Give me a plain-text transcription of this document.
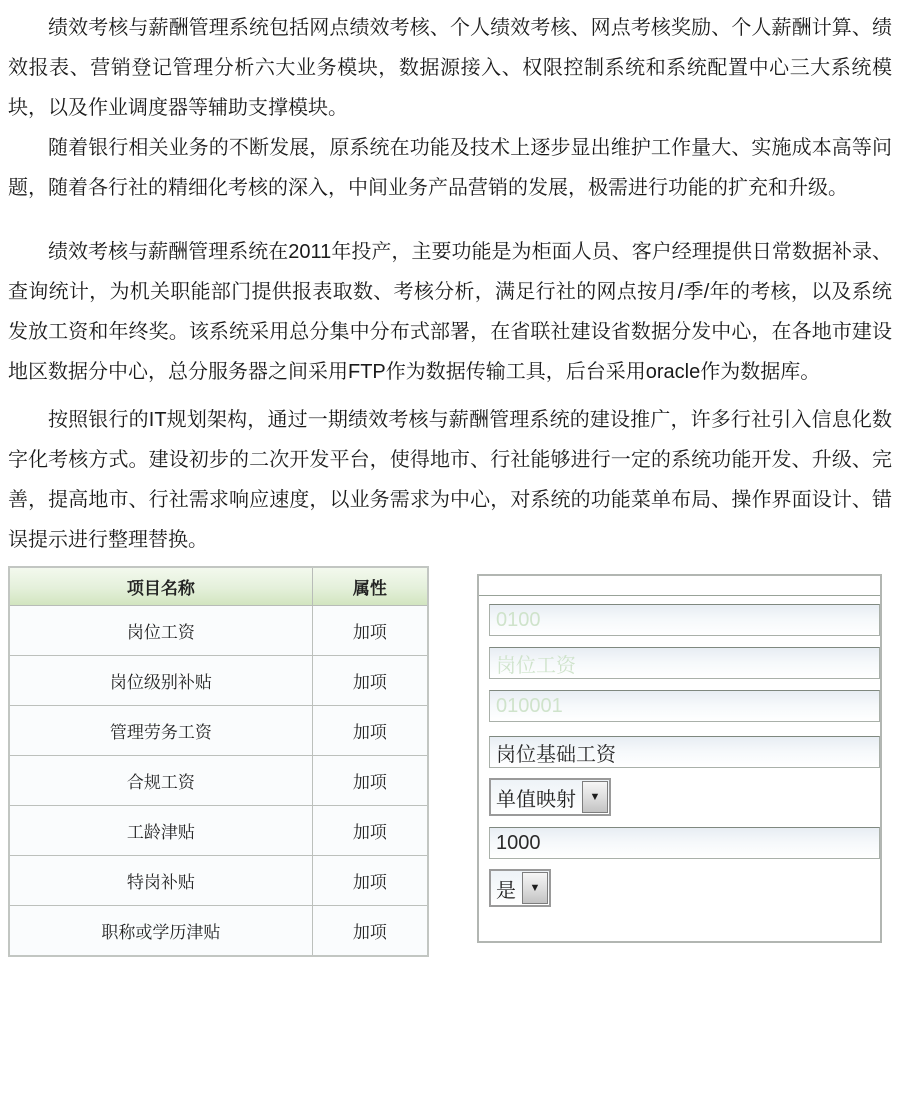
绩效考核与薪酬管理系统包括网点绩效考核、个人绩效考核、网点考核奖励、个人薪酬计算、绩效报表、营销登记管理分析六大业务模块，数据源接入、权限控制系统和系统配置中心三大系统模块，以及作业调度器等辅助支撑模块。

随着银行相关业务的不断发展，原系统在功能及技术上逐步显出维护工作量大、实施成本高等问题，随着各行社的精细化考核的深入，中间业务产品营销的发展，极需进行功能的扩充和升级。

绩效考核与薪酬管理系统在2011年投产，主要功能是为柜面人员、客户经理提供日常数据补录、查询统计，为机关职能部门提供报表取数、考核分析，满足行社的网点按月/季/年的考核，以及系统发放工资和年终奖。该系统采用总分集中分布式部署，在省联社建设省数据分发中心，在各地市建设地区数据分中心，总分服务器之间采用FTP作为数据传输工具，后台采用oracle作为数据库。

按照银行的IT规划架构，通过一期绩效考核与薪酬管理系统的建设推广，许多行社引入信息化数字化考核方式。建设初步的二次开发平台，使得地市、行社能够进行一定的系统功能开发、升级、完善，提高地市、行社需求响应速度，以业务需求为中心，对系统的功能菜单布局、操作界面设计、错误提示进行整理替换。

项目名称	属性
岗位工资	加项
岗位级别补贴	加项
管理劳务工资	加项
合规工资	加项
工龄津贴	加项
特岗补贴	加项
职称或学历津贴	加项
0100
岗位工资
010001
岗位基础工资
单值映射	▼
1000
是	▼
